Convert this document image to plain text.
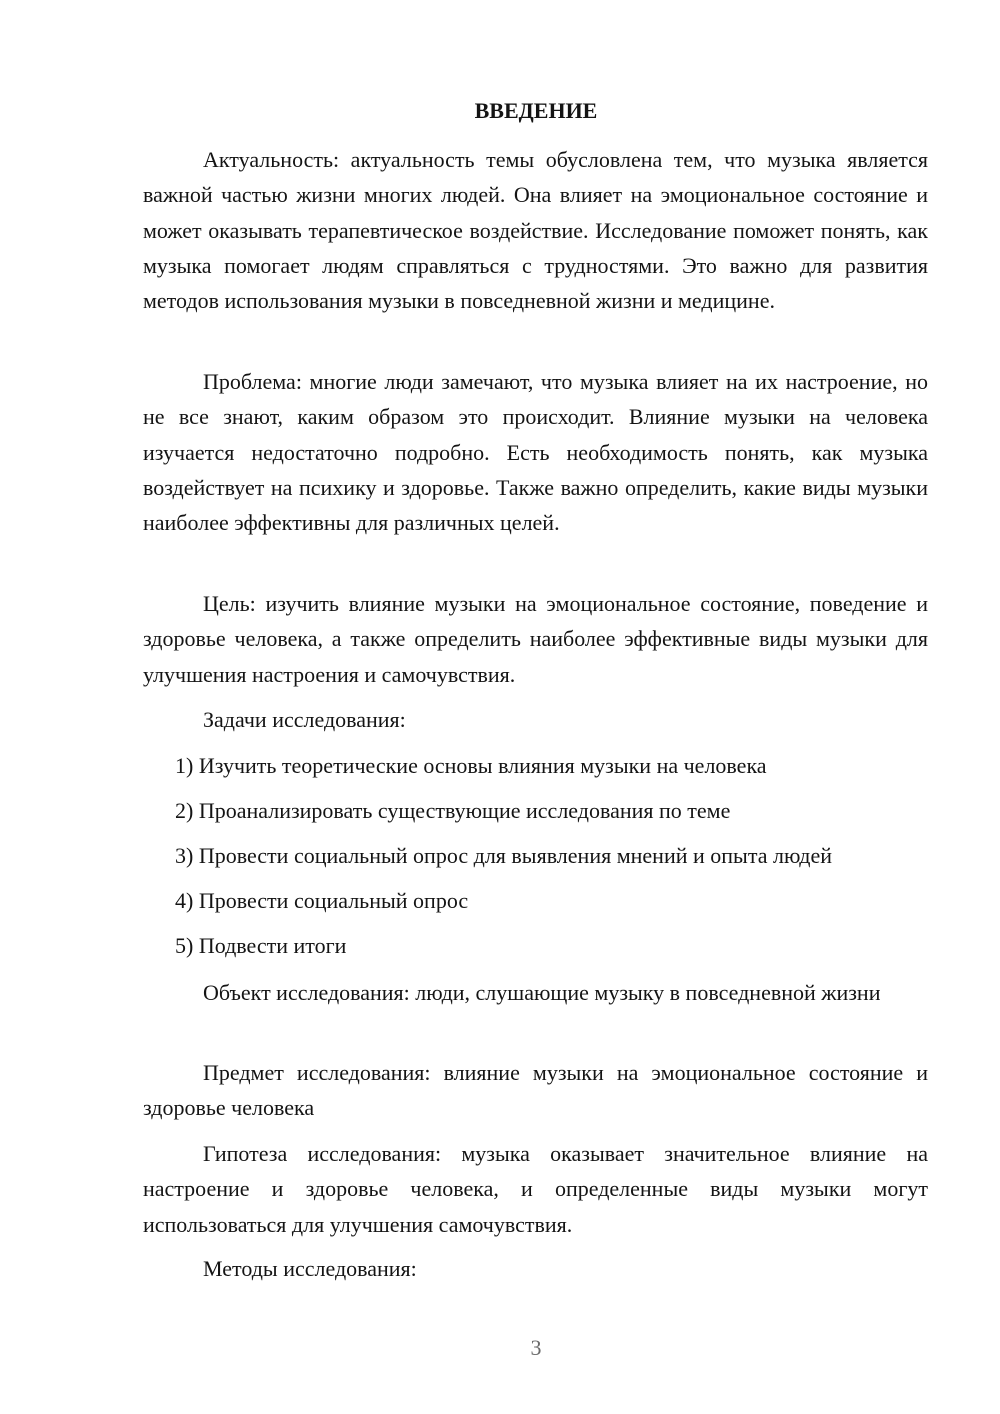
ВВЕДЕНИЕ

Актуальность: актуальность темы обусловлена тем, что музыка является важной частью жизни многих людей. Она влияет на эмоциональное состояние и может оказывать терапевтическое воздействие. Исследование поможет понять, как музыка помогает людям справляться с трудностями. Это важно для развития методов использования музыки в повседневной жизни и медицине.

Проблема: многие люди замечают, что музыка влияет на их настроение, но не все знают, каким образом это происходит. Влияние музыки на человека изучается недостаточно подробно. Есть необходимость понять, как музыка воздействует на психику и здоровье. Также важно определить, какие виды музыки наиболее эффективны для различных целей.

Цель: изучить влияние музыки на эмоциональное состояние, поведение и здоровье человека, а также определить наиболее эффективные виды музыки для улучшения настроения и самочувствия.

Задачи исследования:

1) Изучить теоретические основы влияния музыки на человека

2) Проанализировать существующие исследования по теме

3) Провести социальный опрос для выявления мнений и опыта людей

4) Провести социальный опрос

5) Подвести итоги

Объект исследования: люди, слушающие музыку в повседневной жизни

Предмет исследования: влияние музыки на эмоциональное состояние и здоровье человека

Гипотеза исследования: музыка оказывает значительное влияние на настроение и здоровье человека, и определенные виды музыки могут использоваться для улучшения самочувствия.

Методы исследования:

3
